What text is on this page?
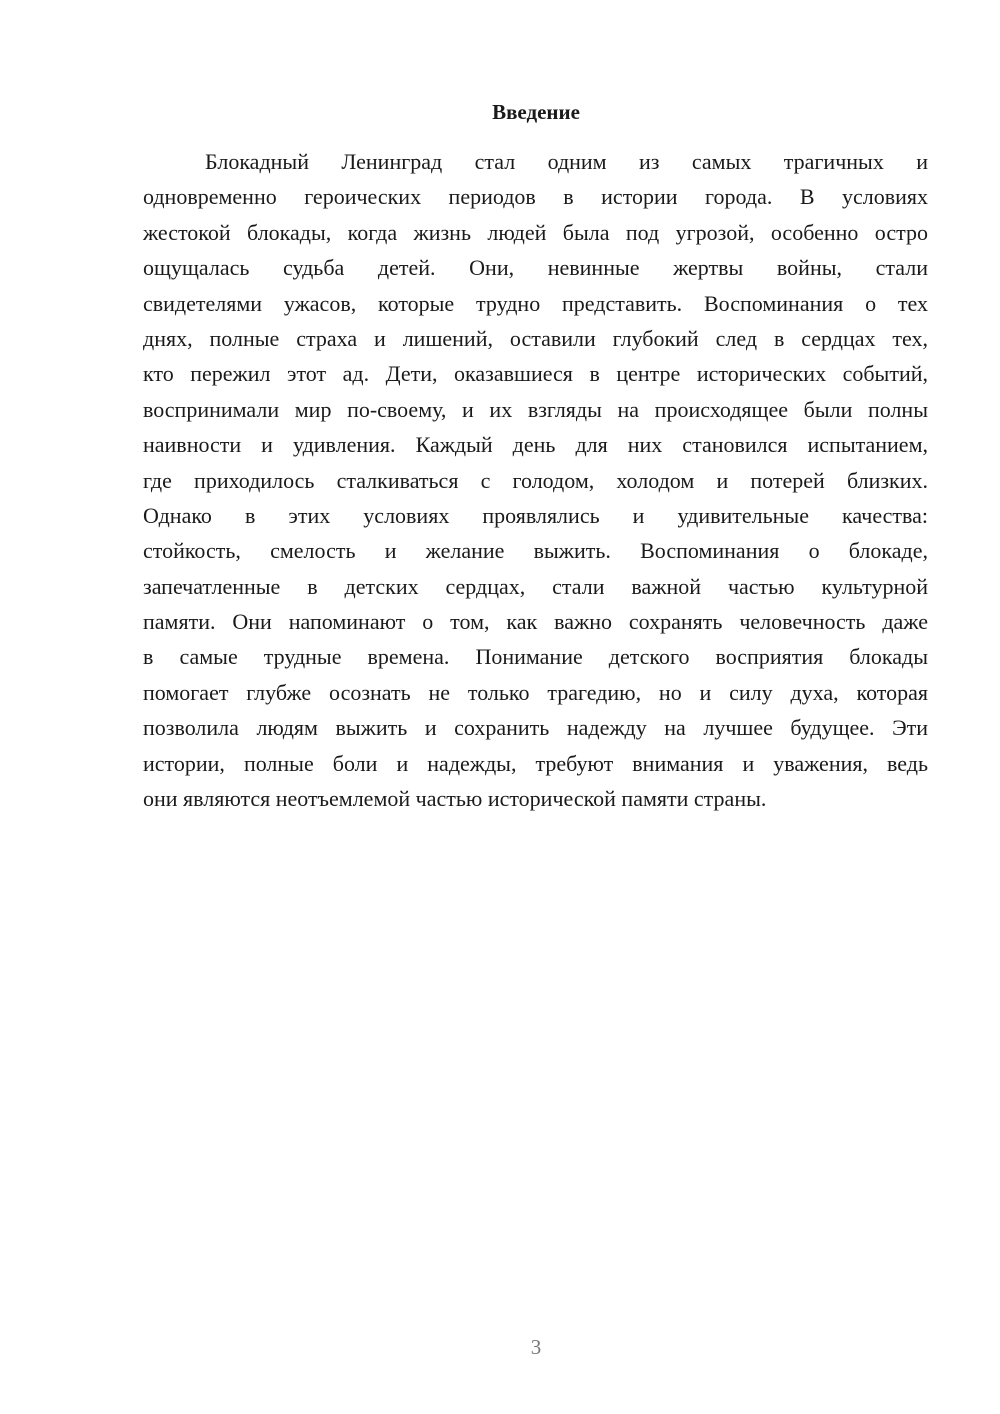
Введение
Блокадный Ленинград стал одним из самых трагичных и
одновременно героических периодов в истории города. В условиях
жестокой блокады, когда жизнь людей была под угрозой, особенно остро
ощущалась судьба детей. Они, невинные жертвы войны, стали
свидетелями ужасов, которые трудно представить. Воспоминания о тех
днях, полные страха и лишений, оставили глубокий след в сердцах тех,
кто пережил этот ад. Дети, оказавшиеся в центре исторических событий,
воспринимали мир по-своему, и их взгляды на происходящее были полны
наивности и удивления. Каждый день для них становился испытанием,
где приходилось сталкиваться с голодом, холодом и потерей близких.
Однако в этих условиях проявлялись и удивительные качества:
стойкость, смелость и желание выжить. Воспоминания о блокаде,
запечатленные в детских сердцах, стали важной частью культурной
памяти. Они напоминают о том, как важно сохранять человечность даже
в самые трудные времена. Понимание детского восприятия блокады
помогает глубже осознать не только трагедию, но и силу духа, которая
позволила людям выжить и сохранить надежду на лучшее будущее. Эти
истории, полные боли и надежды, требуют внимания и уважения, ведь
они являются неотъемлемой частью исторической памяти страны.
3
